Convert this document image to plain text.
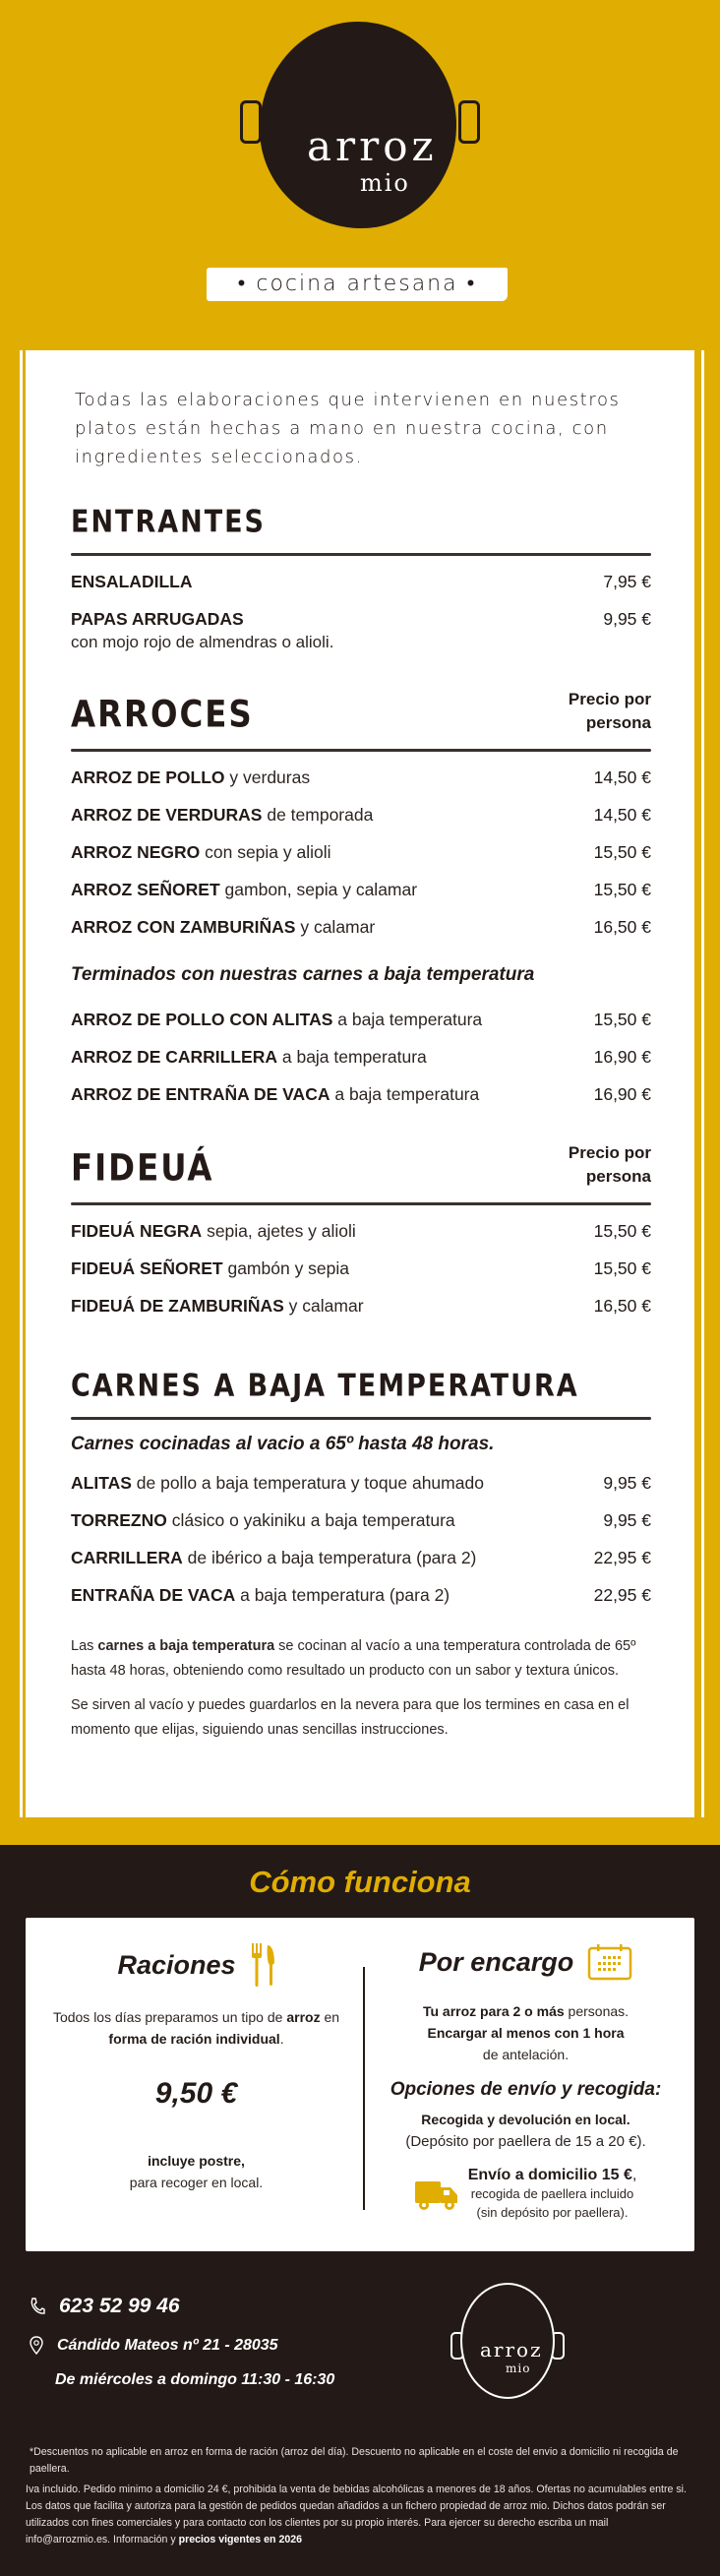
arroz
mio
• cocina artesana •

Todas las elaboraciones que intervienen en nuestros platos están hechas a mano en nuestra cocina, con ingredientes seleccionados.

ENTRANTES
ENSALADILLA	7,95 €
PAPAS ARRUGADAS	9,95 €
con mojo rojo de almendras o alioli.
ARROCES	Precio por
persona
ARROZ DE POLLO y verduras	14,50 €
ARROZ DE VERDURAS de temporada	14,50 €
ARROZ NEGRO con sepia y alioli	15,50 €
ARROZ SEÑORET gambon, sepia y calamar	15,50 €
ARROZ CON ZAMBURIÑAS y calamar	16,50 €
Terminados con nuestras carnes a baja temperatura
ARROZ DE POLLO CON ALITAS a baja temperatura	15,50 €
ARROZ DE CARRILLERA a baja temperatura	16,90 €
ARROZ DE ENTRAÑA DE VACA a baja temperatura	16,90 €
FIDEUÁ	Precio por
persona
FIDEUÁ NEGRA sepia, ajetes y alioli	15,50 €
FIDEUÁ SEÑORET gambón y sepia	15,50 €
FIDEUÁ DE ZAMBURIÑAS y calamar	16,50 €
CARNES A BAJA TEMPERATURA
Carnes cocinadas al vacio a 65º hasta 48 horas.
ALITAS de pollo a baja temperatura y toque ahumado	9,95 €
TORREZNO clásico o yakiniku a baja temperatura	9,95 €
CARRILLERA de ibérico a baja temperatura (para 2)	22,95 €
ENTRAÑA DE VACA a baja temperatura (para 2)	22,95 €

Las carnes a baja temperatura se cocinan al vacío a una temperatura controlada de 65º hasta 48 horas, obteniendo como resultado un producto con un sabor y textura únicos.

Se sirven al vacío y puedes guardarlos en la nevera para que los termines en casa en el momento que elijas, siguiendo unas sencillas instrucciones.

Cómo funciona
Raciones

Todos los días preparamos un tipo de arroz en forma de ración individual.

9,50 €

incluye postre,
para recoger en local.

Por encargo

Tu arroz para 2 o más personas.
Encargar al menos con 1 hora
de antelación.

Opciones de envío y recogida:

Recogida y devolución en local.
(Depósito por paellera de 15 a 20 €).

Envío a domicilio 15 €,
recogida de paellera incluido
(sin depósito por paellera).
623 52 99 46
Cándido Mateos nº 21 - 28035
De miércoles a domingo 11:30 - 16:30
arroz
mio

*Descuentos no aplicable en arroz en forma de ración (arroz del día). Descuento no aplicable en el coste del envio a domicilio ni recogida de paellera.

Iva incluido. Pedido minimo a domicilio 24 €, prohibida la venta de bebidas alcohólicas a menores de 18 años. Ofertas no acumulables entre si. Los datos que facilita y autoriza para la gestión de pedidos quedan añadidos a un fichero propiedad de arroz mio. Dichos datos podrán ser utilizados con fines comerciales y para contacto con los clientes por su propio interés. Para ejercer su derecho escriba un mail info@arrozmio.es. Información y precios vigentes en 2026
